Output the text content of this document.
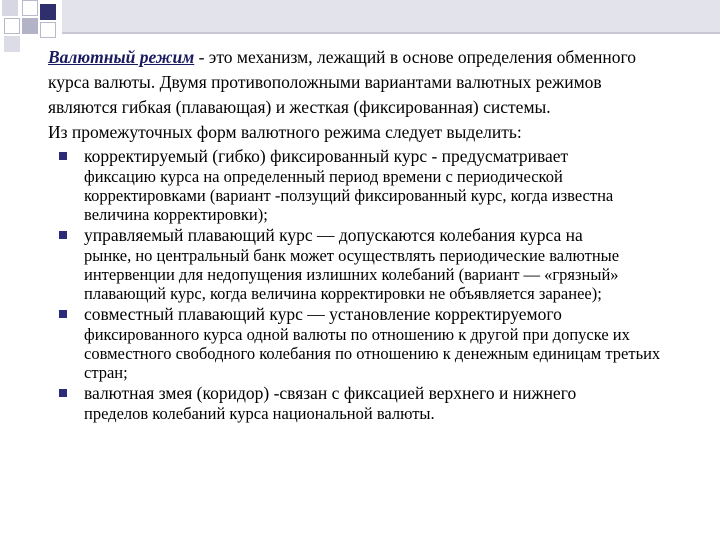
Валютный режим - это механизм, лежащий в основе определения обменного курса валюты. Двумя противоположными вариантами валютных режимов являются гибкая (плавающая) и жесткая (фиксированная) системы.

Из промежуточных форм валютного режима следует выделить:

корректируемый (гибко) фиксированный курс - предусматривает
фиксацию курса на определенный период времени с периодической корректировками (вариант -ползущий фиксированный курс, когда известна величина корректировки);
управляемый плавающий курс — допускаются колебания курса на
рынке, но центральный банк может осуществлять периодические валютные интервенции для недопущения излишних колебаний (вариант — «грязный» плавающий курс, когда величина корректировки не объявляется заранее);
совместный плавающий курс — установление корректируемого
фиксированного курса одной валюты по отношению к другой при допуске их совместного свободного колебания по отношению к денежным единицам третьих стран;
валютная змея (коридор) -связан с фиксацией верхнего и нижнего
пределов колебаний курса национальной валюты.
